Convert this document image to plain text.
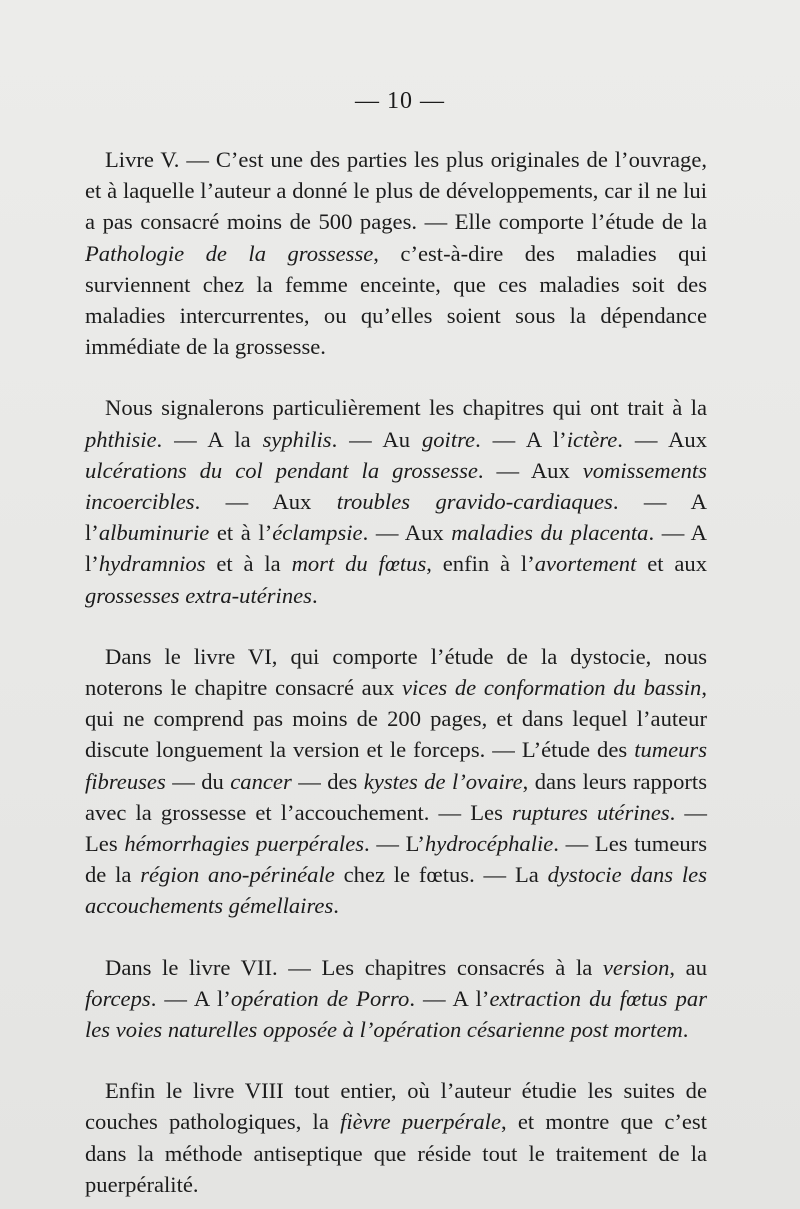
— 10 —

Livre V. — C’est une des parties les plus originales de l’ouvrage, et à laquelle l’auteur a donné le plus de développements, car il ne lui a pas consacré moins de 500 pages. — Elle comporte l’étude de la Pathologie de la grossesse, c’est-à-dire des maladies qui surviennent chez la femme enceinte, que ces maladies soit des maladies intercurrentes, ou qu’elles soient sous la dépendance immédiate de la grossesse.

Nous signalerons particulièrement les chapitres qui ont trait à la phthisie. — A la syphilis. — Au goitre. — A l’ictère. — Aux ulcérations du col pendant la grossesse. — Aux vomissements incoercibles. — Aux troubles gravido-cardiaques. — A l’albuminurie et à l’éclampsie. — Aux maladies du placenta. — A l’hydramnios et à la mort du fœtus, enfin à l’avortement et aux grossesses extra-utérines.

Dans le livre VI, qui comporte l’étude de la dystocie, nous noterons le chapitre consacré aux vices de conformation du bassin, qui ne comprend pas moins de 200 pages, et dans lequel l’auteur discute longuement la version et le forceps. — L’étude des tumeurs fibreuses — du cancer — des kystes de l’ovaire, dans leurs rapports avec la grossesse et l’accouchement. — Les ruptures utérines. — Les hémorrhagies puerpérales. — L’hydrocéphalie. — Les tumeurs de la région ano-périnéale chez le fœtus. — La dystocie dans les accouchements gémellaires.

Dans le livre VII. — Les chapitres consacrés à la version, au forceps. — A l’opération de Porro. — A l’extraction du fœtus par les voies naturelles opposée à l’opération césarienne post mortem.

Enfin le livre VIII tout entier, où l’auteur étudie les suites de couches pathologiques, la fièvre puerpérale, et montre que c’est dans la méthode antiseptique que réside tout le traitement de la puerpéralité.
